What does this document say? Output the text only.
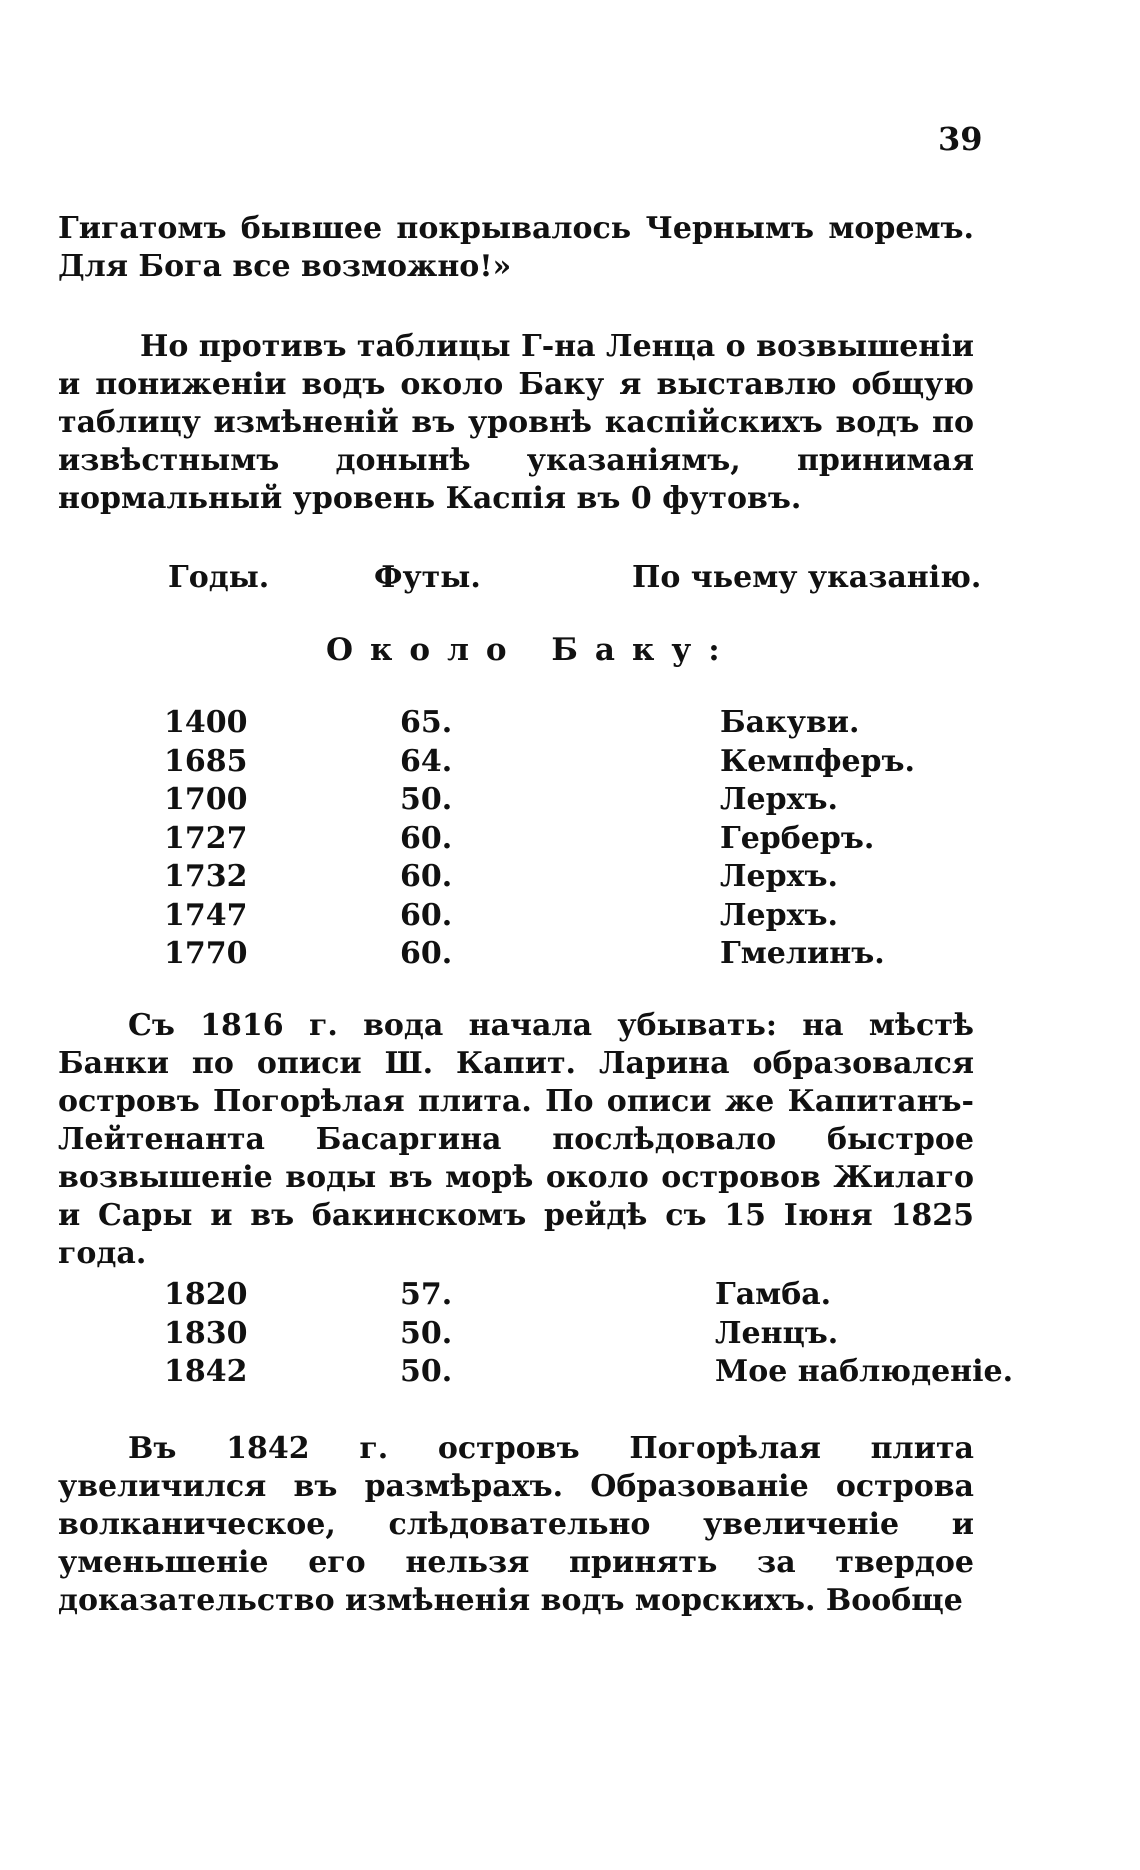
39

Гигатомъ бывшее покрывалось Чернымъ моремъ. Для Бога все возможно!»

Но противъ таблицы Г-на Ленца о возвышеніи и пониженіи водъ около Баку я выставлю общую таблицу измѣненій въ уровнѣ каспійскихъ водъ по извѣстнымъ донынѣ указаніямъ, принимая нормальный уровень Каспія въ 0 футовъ.

Годы.	Футы.	По чьему указанію.
Около Баку:
1400	65.	Бакуви.
1685	64.	Кемпферъ.
1700	50.	Лерхъ.
1727	60.	Герберъ.
1732	60.	Лерхъ.
1747	60.	Лерхъ.
1770	60.	Гмелинъ.

Съ 1816 г. вода начала убывать: на мѣстѣ Банки по описи Ш. Капит. Ларина образовался островъ Погорѣлая плита. По описи же Капитанъ-Лейтенанта Басаргина послѣдовало быстрое возвышеніе воды въ морѣ около островов Жилаго и Сары и въ бакинскомъ рейдѣ съ 15 Іюня 1825 года.

1820	57.	Гамба.
1830	50.	Ленцъ.
1842	50.	Мое наблюденіе.

Въ 1842 г. островъ Погорѣлая плита увеличился въ размѣрахъ. Образованіе острова волканическое, слѣдовательно увеличеніе и уменьшеніе его нельзя принять за твердое доказательство измѣненія водъ морскихъ. Вообще
